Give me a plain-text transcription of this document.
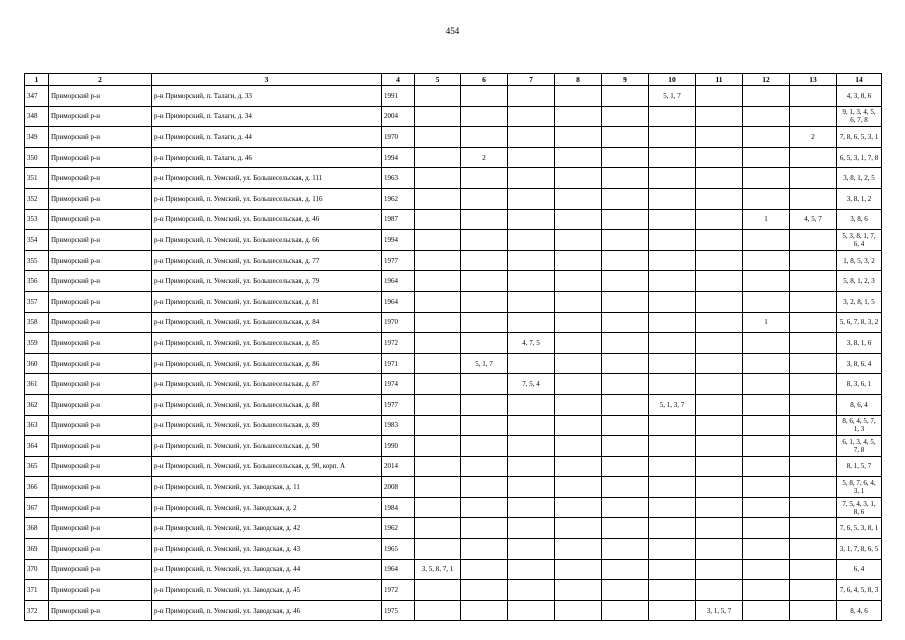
454
1	2	3	4	5	6	7	8	9	10	11	12	13	14
347	Приморский р-н	р-н Приморский, п. Талаги, д. 33	1991						5, 1, 7				4, 3, 8, 6
348	Приморский р-н	р-н Приморский, п. Талаги, д. 34	2004										9, 1, 3, 4, 5, 6, 7, 8
349	Приморский р-н	р-н Приморский, п. Талаги, д. 44	1970									2	7, 8, 6, 5, 3, 1
350	Приморский р-н	р-н Приморский, п. Талаги, д. 46	1994		2								6, 5, 3, 1, 7, 8
351	Приморский р-н	р-н Приморский, п. Уемский, ул. Большесельская, д. 111	1963										3, 8, 1, 2, 5
352	Приморский р-н	р-н Приморский, п. Уемский, ул. Большесельская, д. 116	1962										3, 8, 1, 2
353	Приморский р-н	р-н Приморский, п. Уемский, ул. Большесельская, д. 46	1987								1	4, 5, 7	3, 8, 6
354	Приморский р-н	р-н Приморский, п. Уемский, ул. Большесельская, д. 66	1994										5, 3, 8, 1, 7, 6, 4
355	Приморский р-н	р-н Приморский, п. Уемский, ул. Большесельская, д. 77	1977										1, 8, 5, 3, 2
356	Приморский р-н	р-н Приморский, п. Уемский, ул. Большесельская, д. 79	1964										5, 8, 1, 2, 3
357	Приморский р-н	р-н Приморский, п. Уемский, ул. Большесельская, д. 81	1964										3, 2, 8, 1, 5
358	Приморский р-н	р-н Приморский, п. Уемский, ул. Большесельская, д. 84	1970								1		5, 6, 7, 8, 3, 2
359	Приморский р-н	р-н Приморский, п. Уемский, ул. Большесельская, д. 85	1972			4, 7, 5							3, 8, 1, 6
360	Приморский р-н	р-н Приморский, п. Уемский, ул. Большесельская, д. 86	1971		5, 1, 7								3, 8, 6, 4
361	Приморский р-н	р-н Приморский, п. Уемский, ул. Большесельская, д. 87	1974			7, 5, 4							8, 3, 6, 1
362	Приморский р-н	р-н Приморский, п. Уемский, ул. Большесельская, д. 88	1977						5, 1, 3, 7				8, 6, 4
363	Приморский р-н	р-н Приморский, п. Уемский, ул. Большесельская, д. 89	1983										8, 6, 4, 5, 7, 1, 3
364	Приморский р-н	р-н Приморский, п. Уемский, ул. Большесельская, д. 90	1990										6, 1, 3, 4, 5, 7, 8
365	Приморский р-н	р-н Приморский, п. Уемский, ул. Большесельская, д. 90, корп. А	2014										8, 1, 5, 7
366	Приморский р-н	р-н Приморский, п. Уемский, ул. Заводская, д. 11	2008										5, 8, 7, 6, 4, 3, 1
367	Приморский р-н	р-н Приморский, п. Уемский, ул. Заводская, д. 2	1984										7, 5, 4, 3, 1, 8, 6
368	Приморский р-н	р-н Приморский, п. Уемский, ул. Заводская, д. 42	1962										7, 6, 5, 3, 8, 1
369	Приморский р-н	р-н Приморский, п. Уемский, ул. Заводская, д. 43	1965										3, 1, 7, 8, 6, 5
370	Приморский р-н	р-н Приморский, п. Уемский, ул. Заводская, д. 44	1964	3, 5, 8, 7, 1									6, 4
371	Приморский р-н	р-н Приморский, п. Уемский, ул. Заводская, д. 45	1972										7, 6, 4, 5, 8, 3
372	Приморский р-н	р-н Приморский, п. Уемский, ул. Заводская, д. 46	1975							3, 1, 5, 7			8, 4, 6
